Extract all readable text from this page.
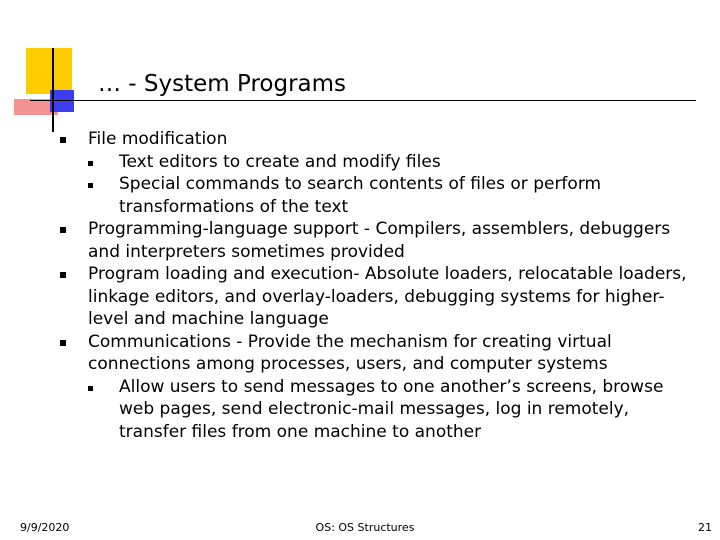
… - System Programs
File modification
Text editors to create and modify files
Special commands to search contents of files or perform transformations of the text
Programming-language support - Compilers, assemblers, debuggers and interpreters sometimes provided
Program loading and execution- Absolute loaders, relocatable loaders, linkage editors, and overlay-loaders, debugging systems for higher-level and machine language
Communications - Provide the mechanism for creating virtual connections among processes, users, and computer systems
Allow users to send messages to one another’s screens, browse web pages, send electronic-mail messages, log in remotely, transfer files from one machine to another
9/9/2020	OS: OS Structures	21
